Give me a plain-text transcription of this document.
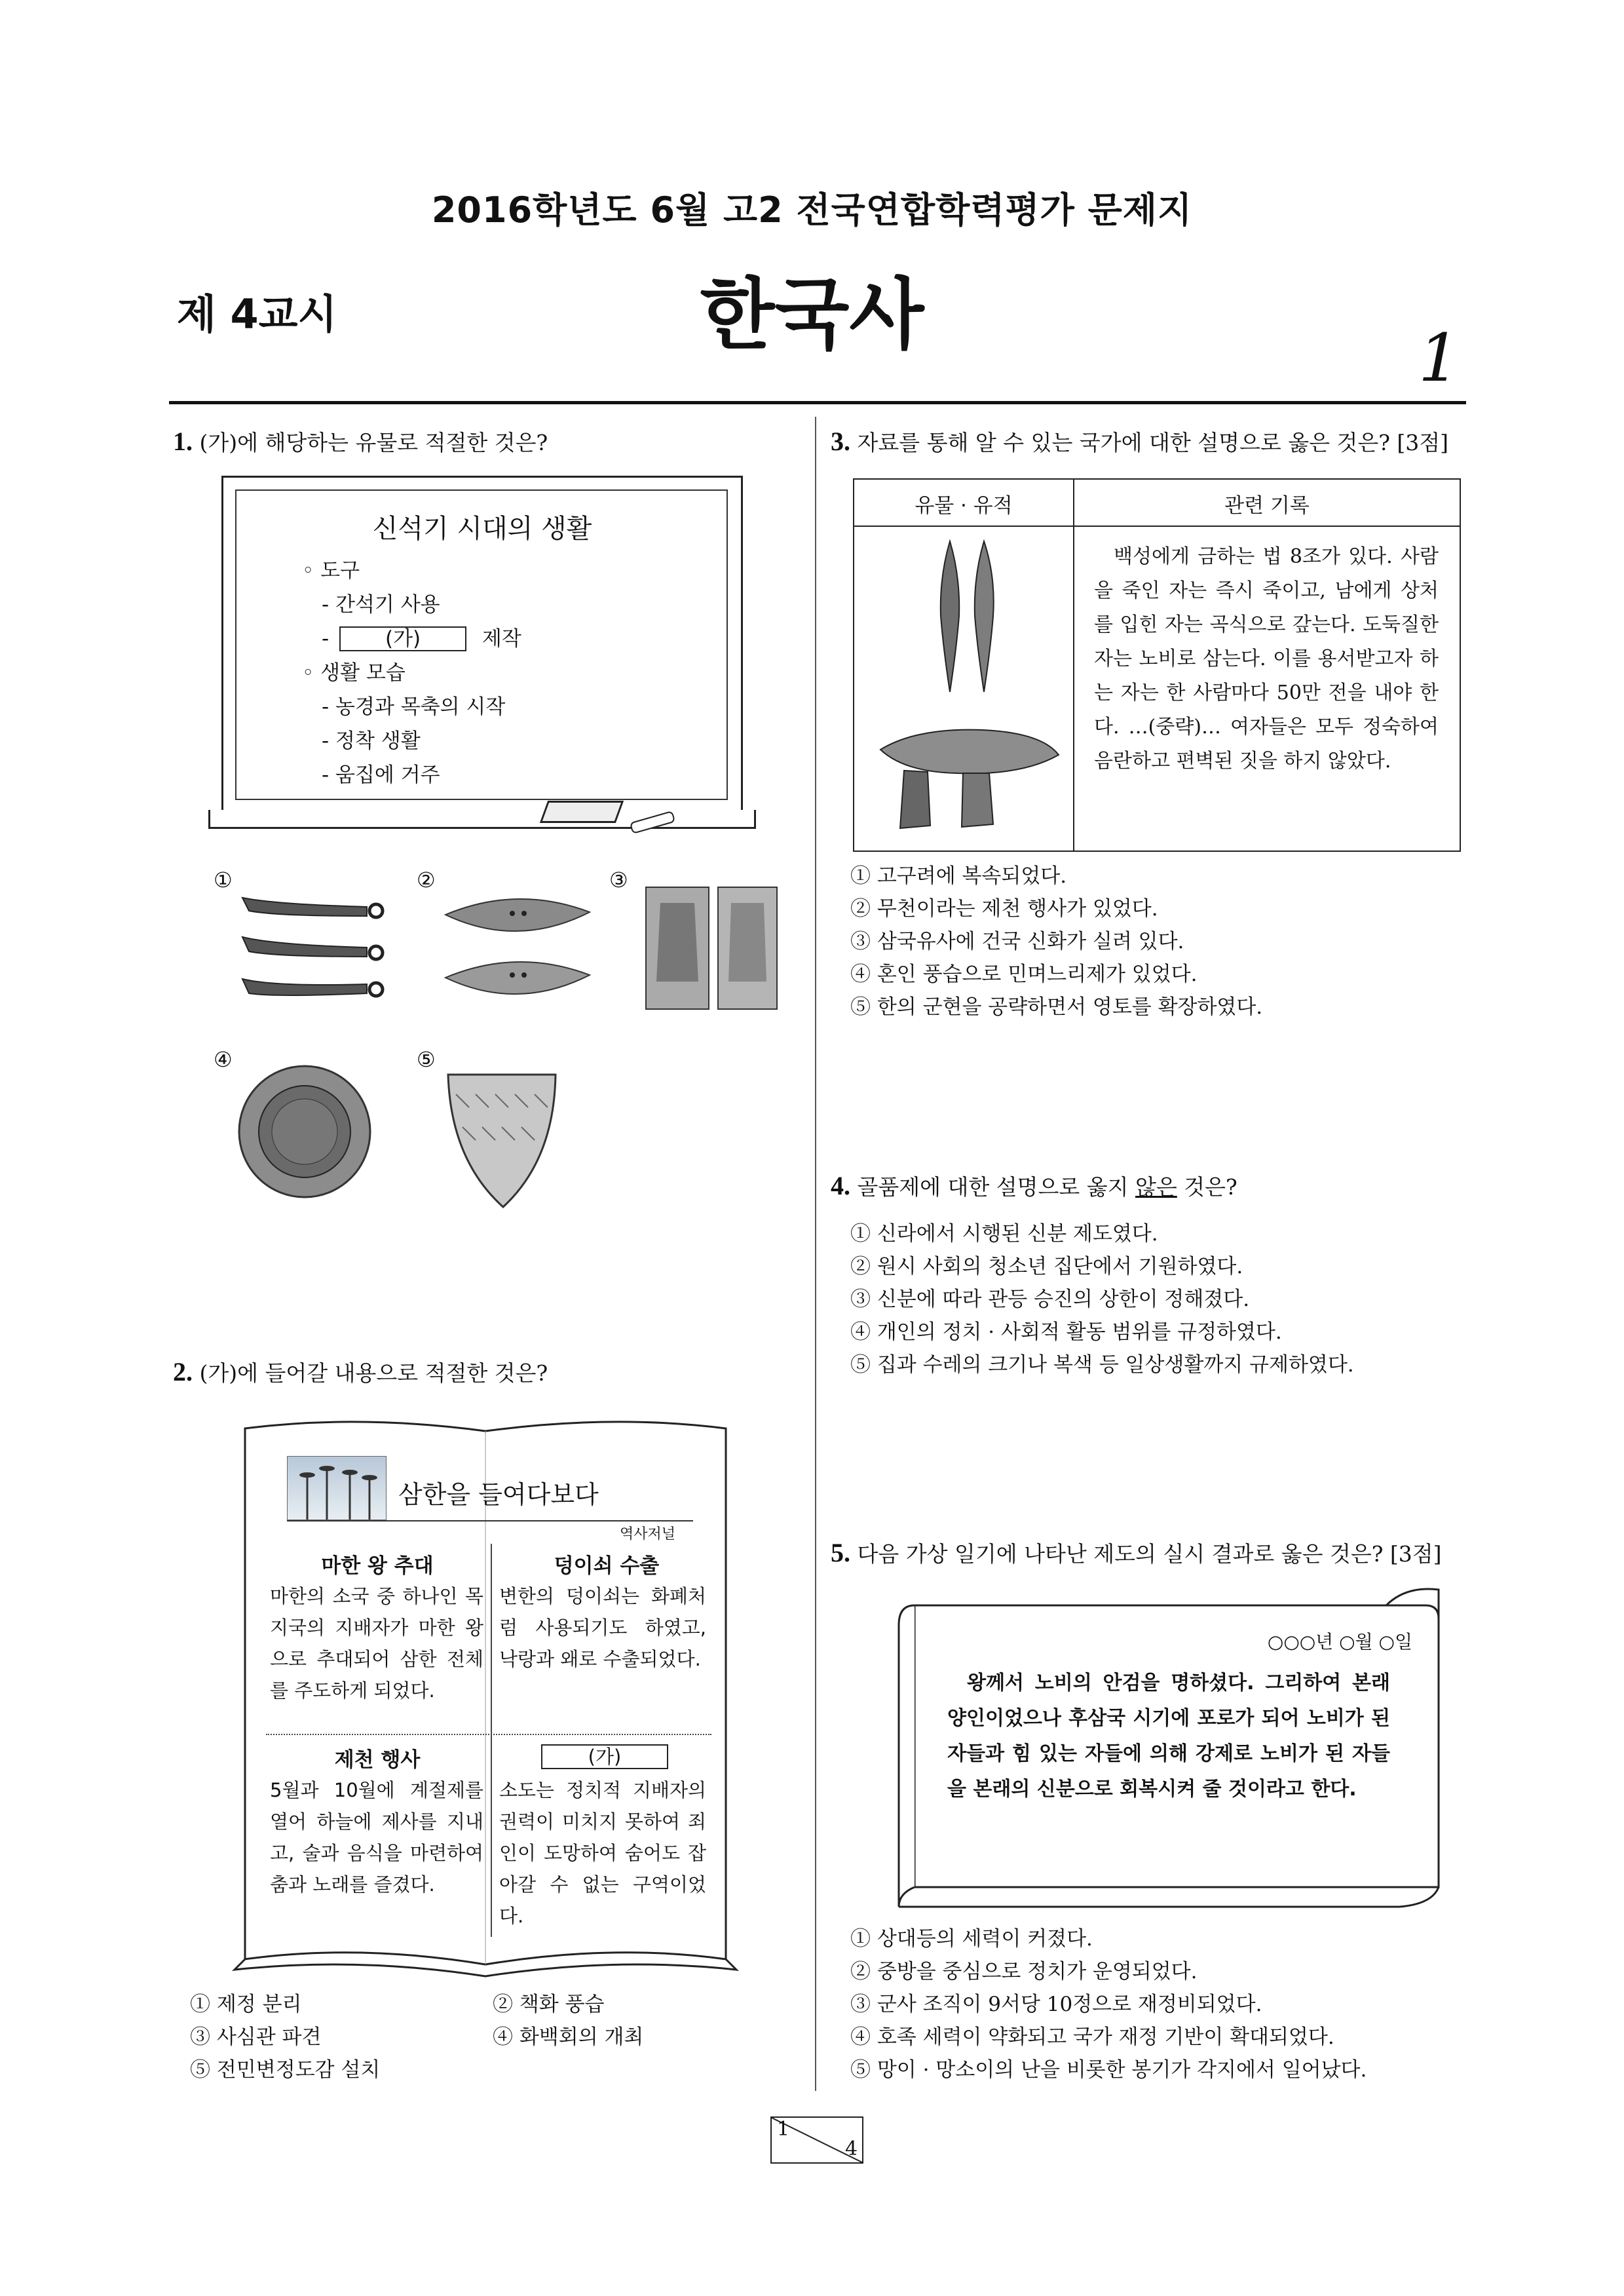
2016학년도 6월 고2 전국연합학력평가 문제지
제 4교시	한국사	1
1. (가)에 해당하는 유물로 적절한 것은?
신석기 시대의 생활
◦ 도구
- 간석기 사용
-	(가)	제작
◦ 생활 모습
- 농경과 목축의 시작
- 정착 생활
- 움집에 거주
①	②	③
④	⑤
2. (가)에 들어갈 내용으로 적절한 것은?
삼한을 들여다보다
역사저널
마한 왕 추대
마한의 소국 중 하나인 목지국의 지배자가 마한 왕으로 추대되어 삼한 전체를 주도하게 되었다.
덩이쇠 수출
변한의 덩이쇠는 화폐처럼 사용되기도 하였고, 낙랑과 왜로 수출되었다.
제천 행사
5월과 10월에 계절제를 열어 하늘에 제사를 지내고, 술과 음식을 마련하여 춤과 노래를 즐겼다.
(가)
소도는 정치적 지배자의 권력이 미치지 못하여 죄인이 도망하여 숨어도 잡아갈 수 없는 구역이었다.
① 제정 분리	② 책화 풍습
③ 사심관 파견	④ 화백회의 개최
⑤ 전민변정도감 설치
3. 자료를 통해 알 수 있는 국가에 대한 설명으로 옳은 것은? [3점]
유물 · 유적	관련 기록
백성에게 금하는 법 8조가 있다. 사람을 죽인 자는 즉시 죽이고, 남에게 상처를 입힌 자는 곡식으로 갚는다. 도둑질한 자는 노비로 삼는다. 이를 용서받고자 하는 자는 한 사람마다 50만 전을 내야 한다. …(중략)… 여자들은 모두 정숙하여 음란하고 편벽된 짓을 하지 않았다.
① 고구려에 복속되었다.
② 무천이라는 제천 행사가 있었다.
③ 삼국유사에 건국 신화가 실려 있다.
④ 혼인 풍습으로 민며느리제가 있었다.
⑤ 한의 군현을 공략하면서 영토를 확장하였다.
4. 골품제에 대한 설명으로 옳지 않은 것은?
① 신라에서 시행된 신분 제도였다.
② 원시 사회의 청소년 집단에서 기원하였다.
③ 신분에 따라 관등 승진의 상한이 정해졌다.
④ 개인의 정치 · 사회적 활동 범위를 규정하였다.
⑤ 집과 수레의 크기나 복색 등 일상생활까지 규제하였다.
5. 다음 가상 일기에 나타난 제도의 실시 결과로 옳은 것은? [3점]
○○○년 ○월 ○일
왕께서 노비의 안검을 명하셨다. 그리하여 본래 양인이었으나 후삼국 시기에 포로가 되어 노비가 된 자들과 힘 있는 자들에 의해 강제로 노비가 된 자들을 본래의 신분으로 회복시켜 줄 것이라고 한다.
① 상대등의 세력이 커졌다.
② 중방을 중심으로 정치가 운영되었다.
③ 군사 조직이 9서당 10정으로 재정비되었다.
④ 호족 세력이 약화되고 국가 재정 기반이 확대되었다.
⑤ 망이 · 망소이의 난을 비롯한 봉기가 각지에서 일어났다.
1
4
